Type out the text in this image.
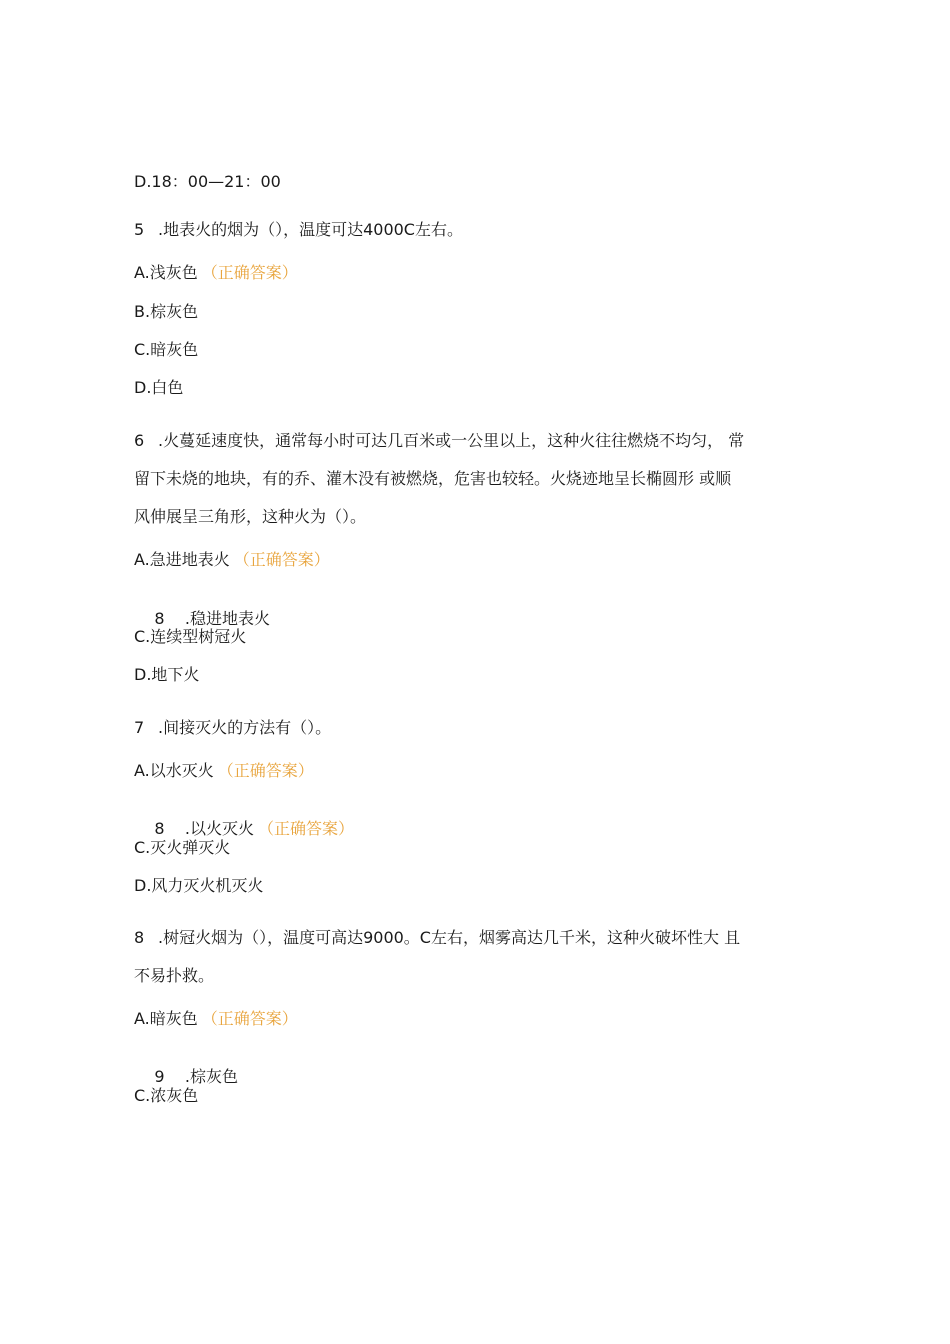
D.18：00—21：00
5 .地表火的烟为（），温度可达4000C左右。
A.浅灰色 （正确答案）
B.棕灰色
C.暗灰色
D.白色
6 .火蔓延速度快，通常每小时可达几百米或一公里以上，这种火往往燃烧不均匀， 常
留下未烧的地块，有的乔、灌木没有被燃烧，危害也较轻。火烧迹地呈长椭圆形 或顺
风伸展呈三角形，这种火为（）。
A.急进地表火 （正确答案）

8    .稳进地表火

C.连续型树冠火
D.地下火
7 .间接灭火的方法有（）。
A.以水灭火 （正确答案）

8    .以火灭火 （正确答案）

C.灭火弹灭火
D.风力灭火机灭火
8 .树冠火烟为（），温度可高达9000。C左右，烟雾高达几千米，这种火破坏性大 且
不易扑救。
A.暗灰色 （正确答案）

9    .棕灰色

C.浓灰色
